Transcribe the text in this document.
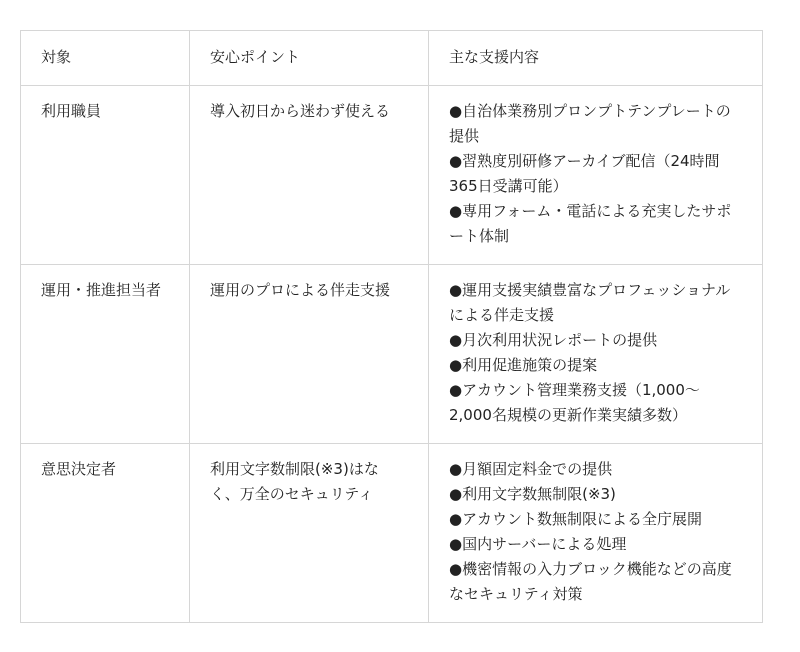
対象	安心ポイント	主な支援内容
利用職員	導入初日から迷わず使える	●自治体業務別プロンプトテンプレートの提供
●習熟度別研修アーカイブ配信（24時間365日受講可能）
●専用フォーム・電話による充実したサポート体制

運用・推進担当者	運用のプロによる伴走支援	●運用支援実績豊富なプロフェッショナルによる伴走支援
●月次利用状況レポートの提供
●利用促進施策の提案
●アカウント管理業務支援（1,000〜2,000名規模の更新作業実績多数）

意思決定者	利用文字数制限(※3)はなく、万全のセキュリティ	●月額固定料金での提供
●利用文字数無制限(※3)
●アカウント数無制限による全庁展開
●国内サーバーによる処理
●機密情報の入力ブロック機能などの高度なセキュリティ対策
